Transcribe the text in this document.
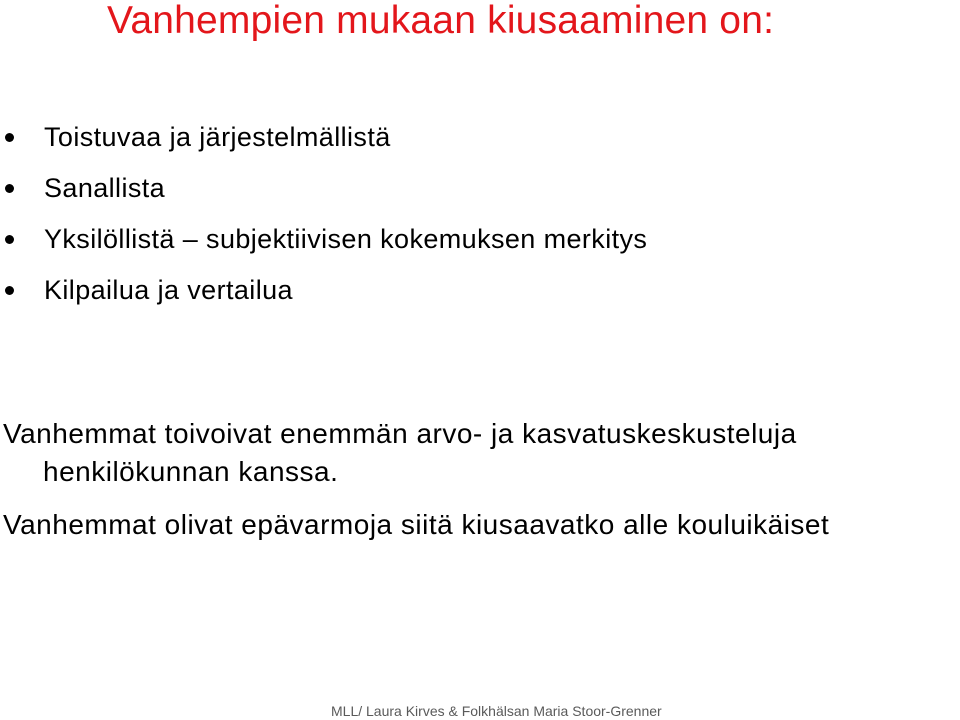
Vanhempien mukaan kiusaaminen on:
Toistuvaa ja järjestelmällistä
Sanallista
Yksilöllistä – subjektiivisen kokemuksen merkitys
Kilpailua ja vertailua

Vanhemmat toivoivat enemmän arvo- ja kasvatuskeskusteluja
henkilökunnan kanssa.

Vanhemmat olivat epävarmoja siitä kiusaavatko alle kouluikäiset

MLL/ Laura Kirves & Folkhälsan Maria Stoor-Grenner
